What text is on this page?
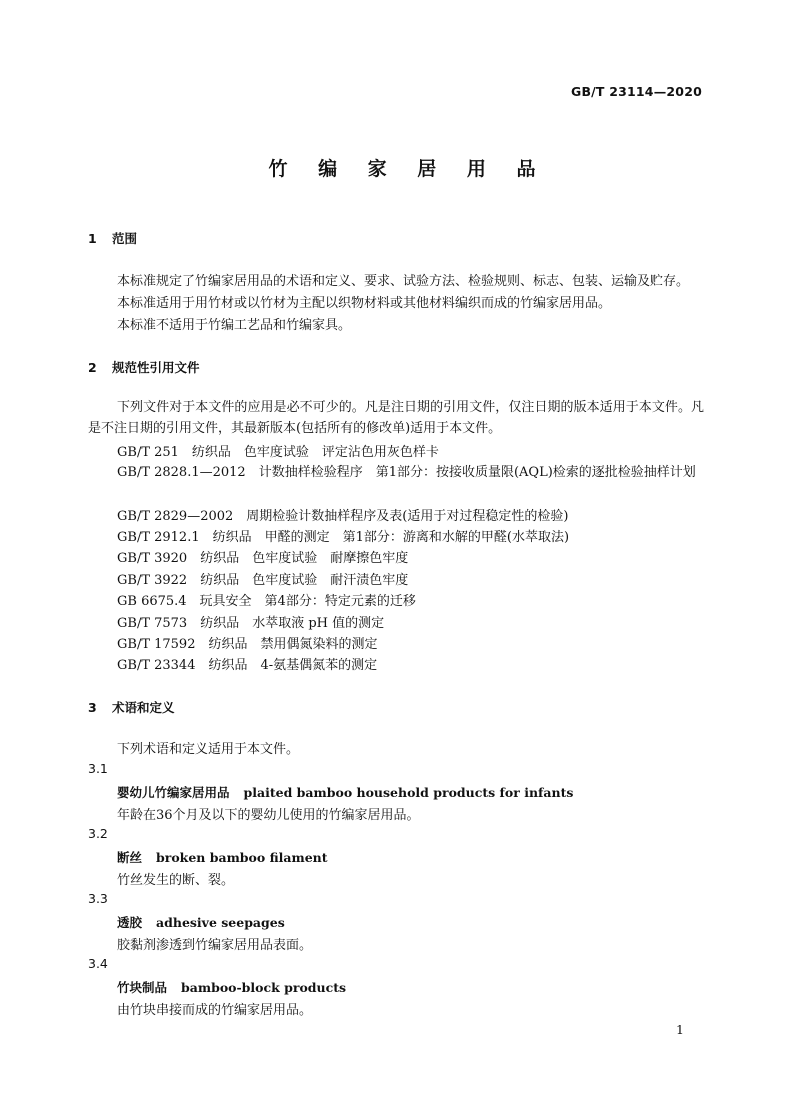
GB/T 23114—2020
竹 编 家 居 用 品
1 范围
本标准规定了竹编家居用品的术语和定义、要求、试验方法、检验规则、标志、包装、运输及贮存。
本标准适用于用竹材或以竹材为主配以织物材料或其他材料编织而成的竹编家居用品。
本标准不适用于竹编工艺品和竹编家具。
2 规范性引用文件
下列文件对于本文件的应用是必不可少的。凡是注日期的引用文件，仅注日期的版本适用于本文件。凡是不注日期的引用文件，其最新版本(包括所有的修改单)适用于本文件。
GB/T 251　纺织品　色牢度试验　评定沾色用灰色样卡
GB/T 2828.1—2012　计数抽样检验程序　第1部分：按接收质量限(AQL)检索的逐批检验抽样计划
GB/T 2829—2002　周期检验计数抽样程序及表(适用于对过程稳定性的检验)
GB/T 2912.1　纺织品　甲醛的测定　第1部分：游离和水解的甲醛(水萃取法)
GB/T 3920　纺织品　色牢度试验　耐摩擦色牢度
GB/T 3922　纺织品　色牢度试验　耐汗渍色牢度
GB 6675.4　玩具安全　第4部分：特定元素的迁移
GB/T 7573　纺织品　水萃取液 pH 值的测定
GB/T 17592　纺织品　禁用偶氮染料的测定
GB/T 23344　纺织品　4-氨基偶氮苯的测定
3 术语和定义
下列术语和定义适用于本文件。
3.1
婴幼儿竹编家居用品 plaited bamboo household products for infants
年龄在36个月及以下的婴幼儿使用的竹编家居用品。
3.2
断丝 broken bamboo filament
竹丝发生的断、裂。
3.3
透胶 adhesive seepages
胶黏剂渗透到竹编家居用品表面。
3.4
竹块制品 bamboo-block products
由竹块串接而成的竹编家居用品。
1
